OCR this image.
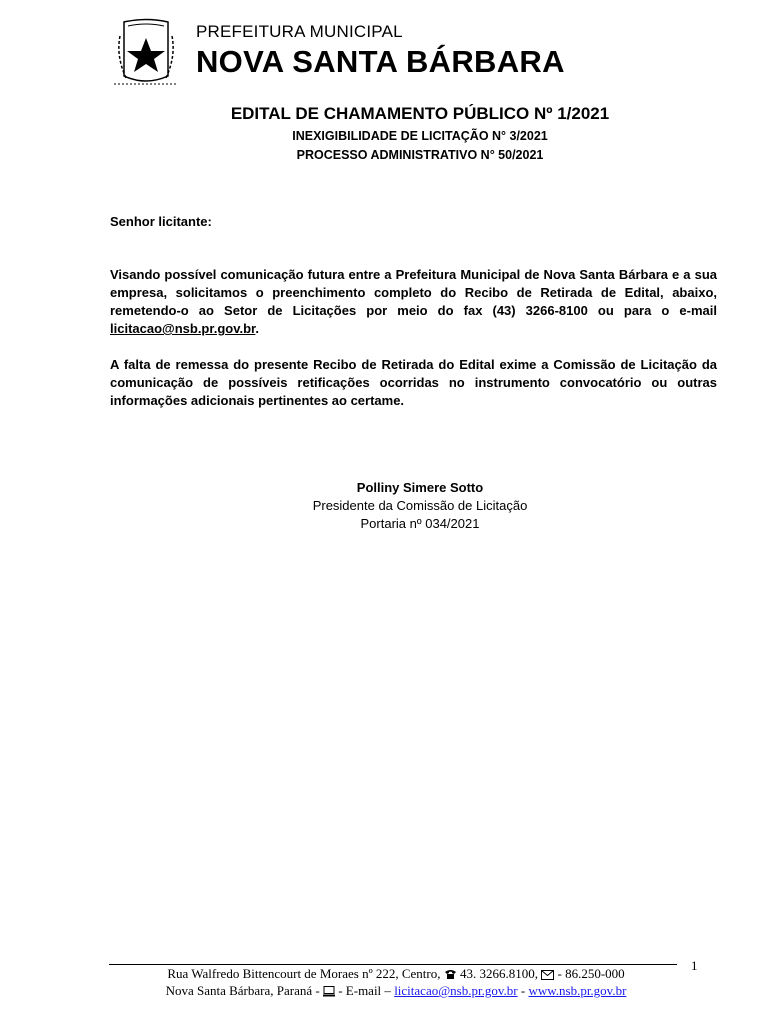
PREFEITURA MUNICIPAL
NOVA SANTA BÁRBARA
EDITAL DE CHAMAMENTO PÚBLICO Nº 1/2021
INEXIGIBILIDADE DE LICITAÇÃO N° 3/2021
PROCESSO ADMINISTRATIVO N° 50/2021
Senhor licitante:
Visando possível comunicação futura entre a Prefeitura Municipal de Nova Santa Bárbara e a sua empresa, solicitamos o preenchimento completo do Recibo de Retirada de Edital, abaixo, remetendo-o ao Setor de Licitações por meio do fax (43) 3266-8100 ou para o e-mail licitacao@nsb.pr.gov.br.
A falta de remessa do presente Recibo de Retirada do Edital exime a Comissão de Licitação da comunicação de possíveis retificações ocorridas no instrumento convocatório ou outras informações adicionais pertinentes ao certame.
Polliny Simere Sotto
Presidente da Comissão de Licitação
Portaria nº 034/2021
1
Rua Walfredo Bittencourt de Moraes nº 222, Centro,  43. 3266.8100,  - 86.250-000
Nova Santa Bárbara, Paraná -  - E-mail – licitacao@nsb.pr.gov.br - www.nsb.pr.gov.br
